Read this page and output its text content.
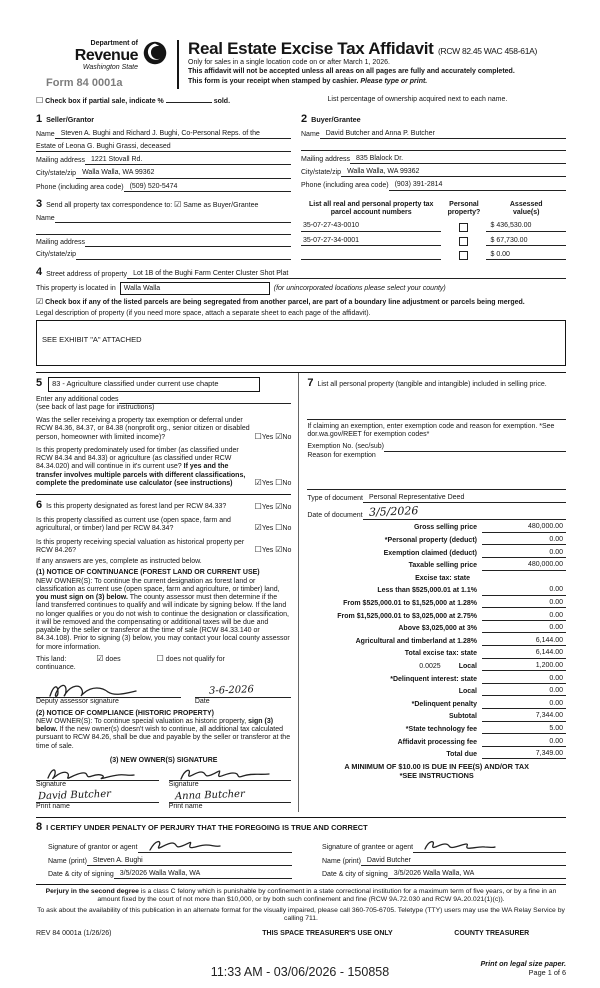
Department of
Revenue
Washington State
Form 84 0001a
Real Estate Excise Tax Affidavit (RCW 82.45 WAC 458-61A)
Only for sales in a single location code on or after March 1, 2026.
This affidavit will not be accepted unless all areas on all pages are fully and accurately completed.
This form is your receipt when stamped by cashier. Please type or print.
☐ Check box if partial sale, indicate %	sold.	List percentage of ownership acquired next to each name.
1 Seller/Grantor
Name Steven A. Bughi and Richard J. Bughi, Co-Personal Reps. of the
Estate of Leona G. Bughi Grassi, deceased
Mailing address 1221 Stovall Rd.
City/state/zip Walla Walla, WA 99362
Phone (including area code) (509) 520-5474
2 Buyer/Grantee
Name David Butcher and Anna P. Butcher
Mailing address 835 Blalock Dr.
City/state/zip Walla Walla, WA 99362
Phone (including area code) (903) 391-2814
3 Send all property tax correspondence to: ☑ Same as Buyer/Grantee
Name
Mailing address
City/state/zip
List all real and personal property tax
parcel account numbers
Personal
property?
Assessed
value(s)
35-07-27-43-0010	$ 436,530.00
35-07-27-34-0001	$ 67,730.00
$ 0.00
4 Street address of property Lot 1B of the Bughi Farm Center Cluster Shot Plat
This property is located in	Walla Walla	(for unincorporated locations please select your county)
☑ Check box if any of the listed parcels are being segregated from another parcel, are part of a boundary line adjustment or parcels being merged.
Legal description of property (if you need more space, attach a separate sheet to each page of the affidavit).
SEE EXHIBIT "A" ATTACHED
5 83 - Agriculture classified under current use chapte
Enter any additional codes
(see back of last page for instructions)
Was the seller receiving a property tax exemption or deferral under RCW 84.36, 84.37, or 84.38 (nonprofit org., senior citizen or disabled person, homeowner with limited income)?	☐Yes ☑No
Is this property predominately used for timber (as classified under RCW 84.34 and 84.33) or agriculture (as classified under RCW 84.34.020) and will continue in it's current use? If yes and the transfer involves multiple parcels with different classifications, complete the predominate use calculator (see instructions)	☑Yes ☐No
6 Is this property designated as forest land per RCW 84.33?	☐Yes ☑No
Is this property classified as current use (open space, farm and agricultural, or timber) land per RCW 84.34?	☑Yes ☐No
Is this property receiving special valuation as historical property per RCW 84.26?	☐Yes ☑No
If any answers are yes, complete as instructed below.
(1) NOTICE OF CONTINUANCE (FOREST LAND OR CURRENT USE)
NEW OWNER(S): To continue the current designation as forest land or classification as current use (open space, farm and agriculture, or timber) land, you must sign on (3) below. The county assessor must then determine if the land transferred continues to qualify and will indicate by signing below. If the land no longer qualifies or you do not wish to continue the designation or classification, it will be removed and the compensating or additional taxes will be due and payable by the seller or transferor at the time of sale (RCW 84.33.140 or 84.34.108). Prior to signing (3) below, you may contact your local county assessor for more information.
This land:	☑ does	☐ does not qualify for
continuance.
3-6-2026
Deputy assessor signature	Date
(2) NOTICE OF COMPLIANCE (HISTORIC PROPERTY)
NEW OWNER(S): To continue special valuation as historic property, sign (3) below. If the new owner(s) doesn't wish to continue, all additional tax calculated pursuant to RCW 84.26, shall be due and payable by the seller or transferor at the time of sale.
(3) NEW OWNER(S) SIGNATURE
Signature
David Butcher
Print name
Signature
Anna Butcher
Print name
7 List all personal property (tangible and intangible) included in selling price.
If claiming an exemption, enter exemption code and reason for exemption. *See dor.wa.gov/REET for exemption codes*
Exemption No. (sec/sub)
Reason for exemption
Type of document Personal Representative Deed
Date of document 3/5/2026
Gross selling price	480,000.00
*Personal property (deduct)	0.00
Exemption claimed (deduct)	0.00
Taxable selling price	480,000.00
Excise tax: state
Less than $525,000.01 at 1.1%	0.00
From $525,000.01 to $1,525,000 at 1.28%	0.00
From $1,525,000.01 to $3,025,000 at 2.75%	0.00
Above $3,025,000 at 3%	0.00
Agricultural and timberland at 1.28%	6,144.00
Total excise tax: state	6,144.00
0.0025	Local	1,200.00
*Delinquent interest: state	0.00
Local	0.00
*Delinquent penalty	0.00
Subtotal	7,344.00
*State technology fee	5.00
Affidavit processing fee	0.00
Total due	7,349.00
A MINIMUM OF $10.00 IS DUE IN FEE(S) AND/OR TAX
*SEE INSTRUCTIONS
8 I CERTIFY UNDER PENALTY OF PERJURY THAT THE FOREGOING IS TRUE AND CORRECT
Signature of grantor or agent
Name (print) Steven A. Bughi
Date & city of signing 3/5/2026 Walla Walla, WA
Signature of grantee or agent
Name (print) David Butcher
Date & city of signing 3/5/2026 Walla Walla, WA
Perjury in the second degree is a class C felony which is punishable by confinement in a state correctional institution for a maximum term of five years, or by a fine in an amount fixed by the court of not more than $10,000, or by both such confinement and fine (RCW 9A.72.030 and RCW 9A.20.021(1)(c)).
To ask about the availability of this publication in an alternate format for the visually impaired, please call 360-705-6705. Teletype (TTY) users may use the WA Relay Service by calling 711.
REV 84 0001a (1/26/26)	THIS SPACE TREASURER'S USE ONLY	COUNTY TREASURER
Print on legal size paper.
Page 1 of 6
11:33 AM - 03/06/2026 - 150858
